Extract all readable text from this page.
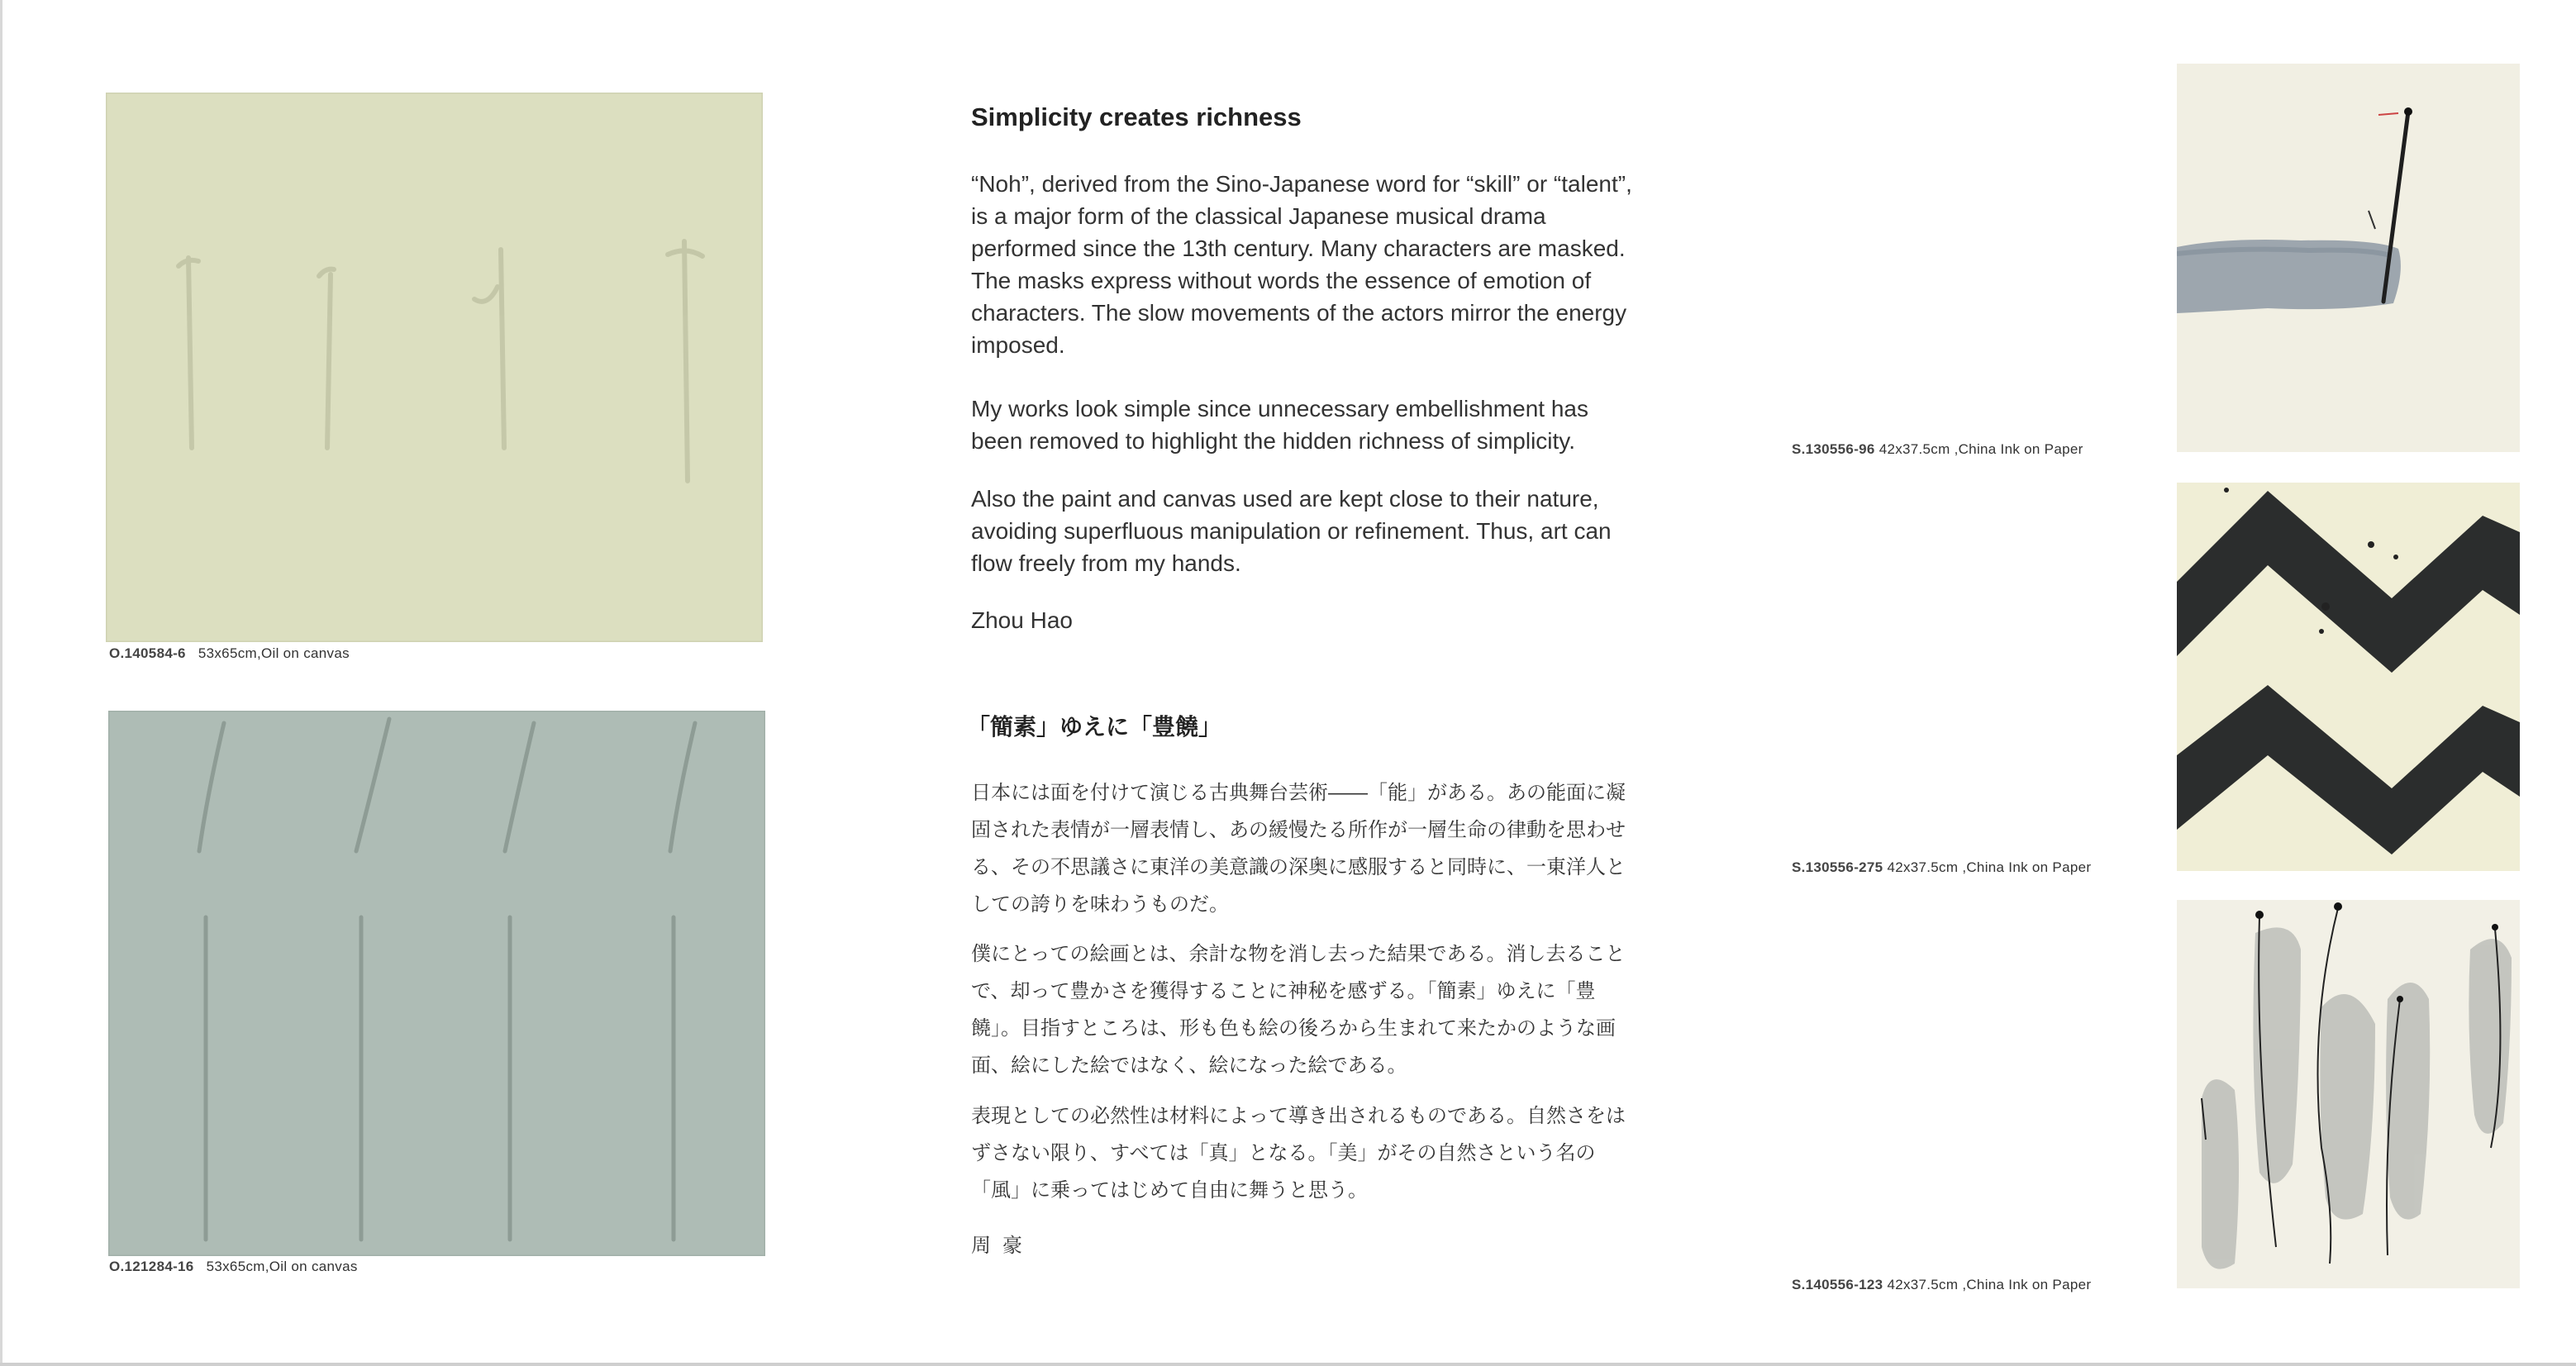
O.140584-6 53x65cm,Oil on canvas
O.121284-16 53x65cm,Oil on canvas
Simplicity creates richness

“Noh”, derived from the Sino-Japanese word for “skill” or “talent”, is a major form of the classical Japanese musical drama performed since the 13th century. Many characters are masked. The masks express without words the essence of emotion of characters. The slow movements of the actors mirror the energy imposed.

My works look simple since unnecessary embellishment has been removed to highlight the hidden richness of simplicity.

Also the paint and canvas used are kept close to their nature, avoiding superfluous manipulation or refinement. Thus, art can flow freely from my hands.

Zhou Hao

「簡素」ゆえに「豊饒」

日本には面を付けて演じる古典舞台芸術――「能」がある。あの能面に凝固された表情が一層表情し、あの緩慢たる所作が一層生命の律動を思わせる、その不思議さに東洋の美意識の深奥に感服すると同時に、一東洋人としての誇りを味わうものだ。

僕にとっての絵画とは、余計な物を消し去った結果である。消し去ることで、却って豊かさを獲得することに神秘を感ずる。「簡素」ゆえに「豊饒」。目指すところは、形も色も絵の後ろから生まれて来たかのような画面、絵にした絵ではなく、絵になった絵である。

表現としての必然性は材料によって導き出されるものである。自然さをはずさない限り、すべては「真」となる。「美」がその自然さという名の「風」に乗ってはじめて自由に舞うと思う。

周豪

S.130556-96 42x37.5cm ,China Ink on Paper
S.130556-275 42x37.5cm ,China Ink on Paper
S.140556-123 42x37.5cm ,China Ink on Paper
